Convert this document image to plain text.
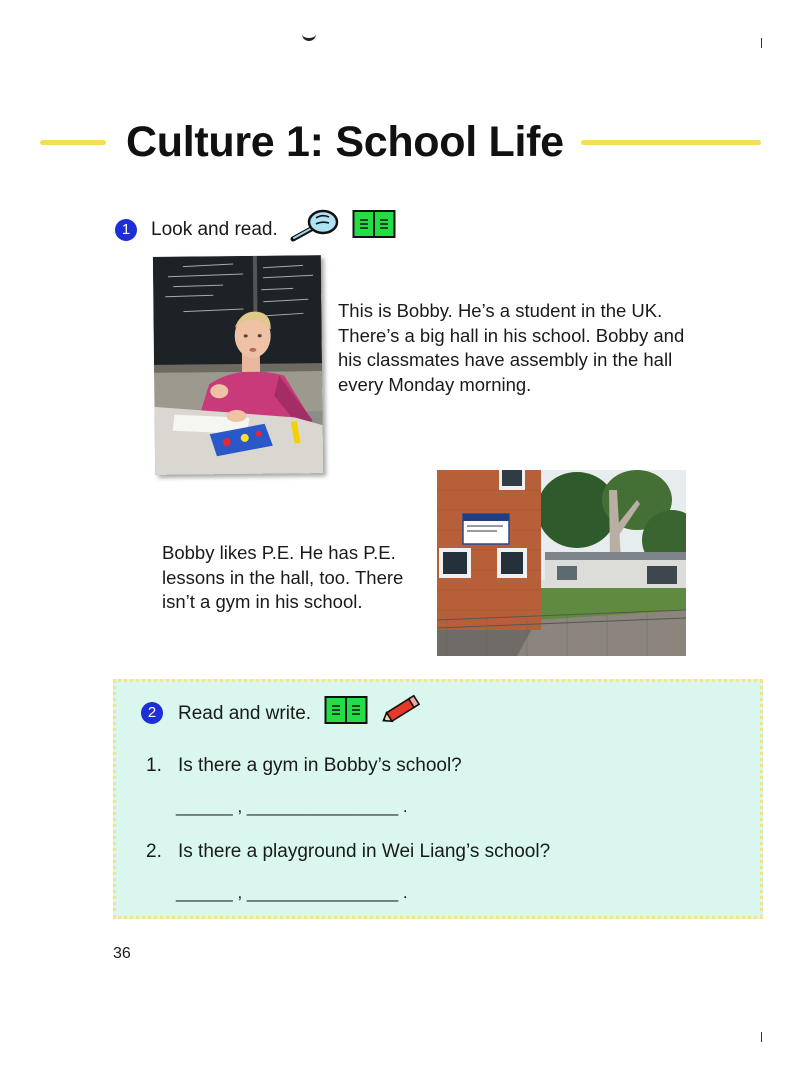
Culture 1: School Life
1	Look and read.
This is Bobby. He’s a student in the UK.
There’s a big hall in his school. Bobby and
his classmates have assembly in the hall
every Monday morning.
Bobby likes P.E. He has P.E.
lessons in the hall, too. There
isn’t a gym in his school.
2	Read and write.
1. Is there a gym in Bobby’s school?
______ , ________________ .
2. Is there a playground in Wei Liang’s school?
______ , ________________ .
36
